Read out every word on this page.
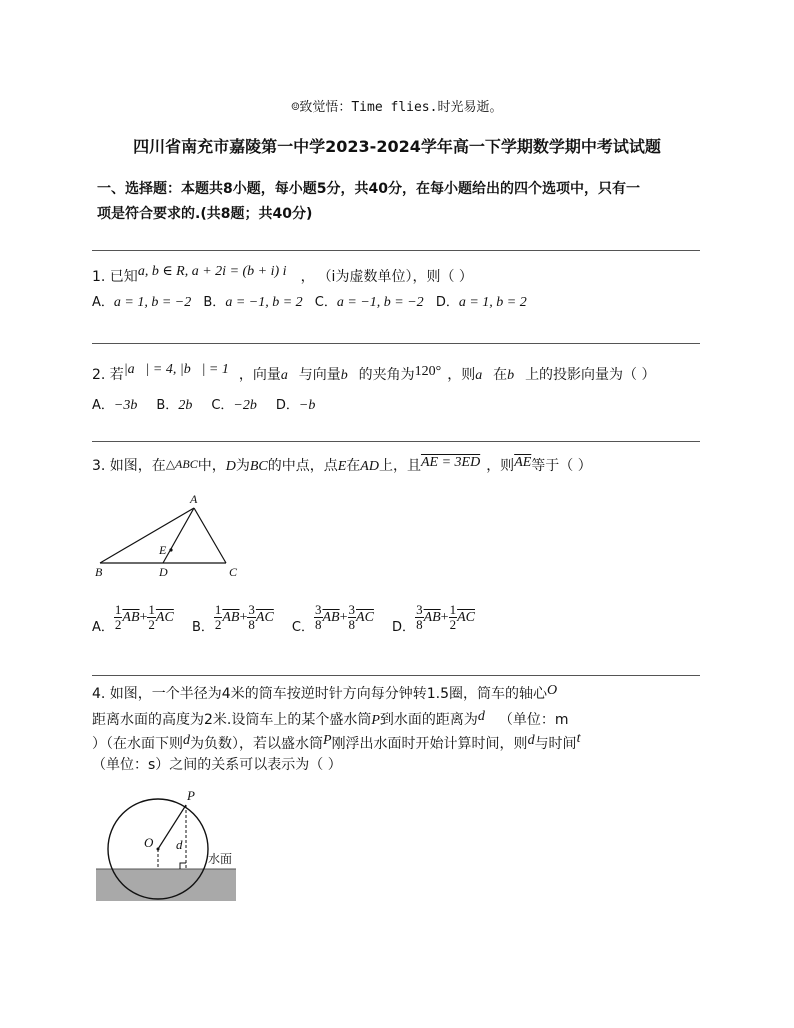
☺致觉悟：Time flies.时光易逝。
四川省南充市嘉陵第一中学2023-2024学年高一下学期数学期中考试试题
一、选择题：本题共8小题，每小题5分，共40分，在每小题给出的四个选项中，只有一
项是符合要求的.(共8题；共40分)
1. 已知a, b ∈ R, a + 2i = (b + i) i ， （i为虚数单位），则（ ）
A．a = 1, b = −2 B．a = −1, b = 2 C．a = −1, b = −2 D．a = 1, b = 2
2. 若|a⃗| = 4, |b⃗| = 1 ，向量a⃗与向量b⃗的夹角为120° ，则a⃗在b⃗上的投影向量为（ ）
A．−3b⃗ B．2b⃗ C．−2b⃗ D．−b⃗
3. 如图，在△ABC中，D为BC的中点，点E在AD上，且AE = 3ED ，则$\overline{AE}$等于（ ）
A
B	C
D
E
A． $\frac{1}{2} \overline{AB}+ \frac{1}{2} \overline{AC}$ B． $\frac{1}{2} \overline{AB}+ \frac{3}{8} \overline{AC}$ C． $\frac{3}{8} \overline{AB}+ \frac{3}{8} \overline{AC}$ D． $\frac{3}{8} \overline{AB}+ \frac{1}{2} \overline{AC}$
4. 如图，一个半径为4米的筒车按逆时针方向每分钟转1.5圈，筒车的轴心O
距离水面的高度为2米.设筒车上的某个盛水筒P到水面的距离为d （单位：m
）（在水面下则d为负数），若以盛水筒P刚浮出水面时开始计算时间，则d与时间t
（单位：s）之间的关系可以表示为（ ）
P
O d
水面
